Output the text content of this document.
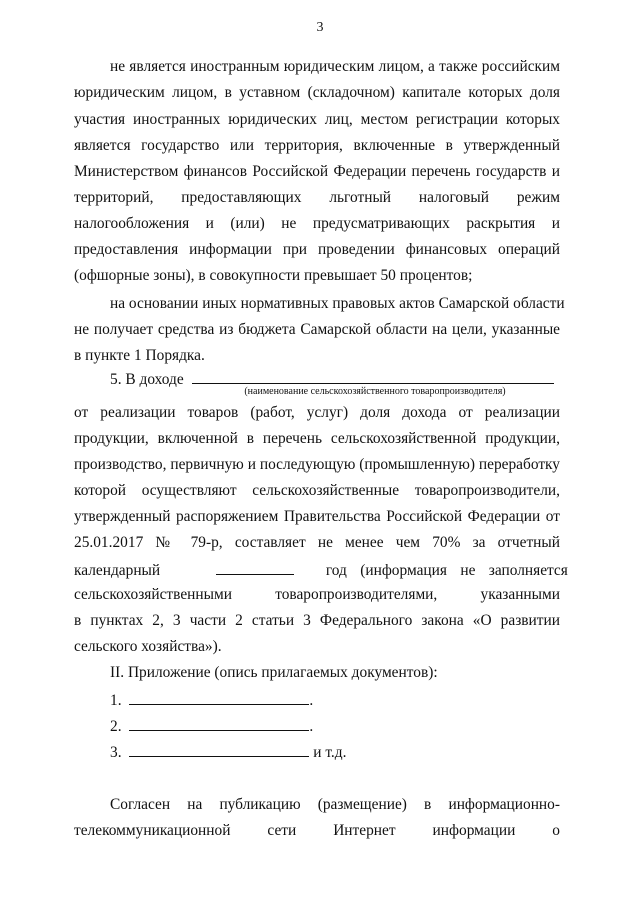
3
не является иностранным юридическим лицом, а также российским
юридическим лицом, в уставном (складочном) капитале которых доля
участия иностранных юридических лиц, местом регистрации которых
является государство или территория, включенные в утвержденный
Министерством финансов Российской Федерации перечень государств и
территорий, предоставляющих льготный налоговый режим
налогообложения и (или) не предусматривающих раскрытия и
предоставления информации при проведении финансовых операций
(офшорные зоны), в совокупности превышает 50 процентов;
на основании иных нормативных правовых актов Самарской области
не получает средства из бюджета Самарской области на цели, указанные
в пункте 1 Порядка.
5. В доходе
(наименование сельскохозяйственного товаропроизводителя)
от реализации товаров (работ, услуг) доля дохода от реализации
продукции, включенной в перечень сельскохозяйственной продукции,
производство, первичную и последующую (промышленную) переработку
которой осуществляют сельскохозяйственные товаропроизводители,
утвержденный распоряжением Правительства Российской Федерации от
25.01.2017 № 79-р, составляет не менее чем 70% за отчетный
календарный	год (информация не заполняется
сельскохозяйственными товаропроизводителями, указанными
в пунктах 2, 3 части 2 статьи 3 Федерального закона «О развитии
сельского хозяйства»).
II. Приложение (опись прилагаемых документов):
1.	.
2.	.
3.	и т.д.
Согласен на публикацию (размещение) в информационно-
телекоммуникационной сети Интернет информации о
